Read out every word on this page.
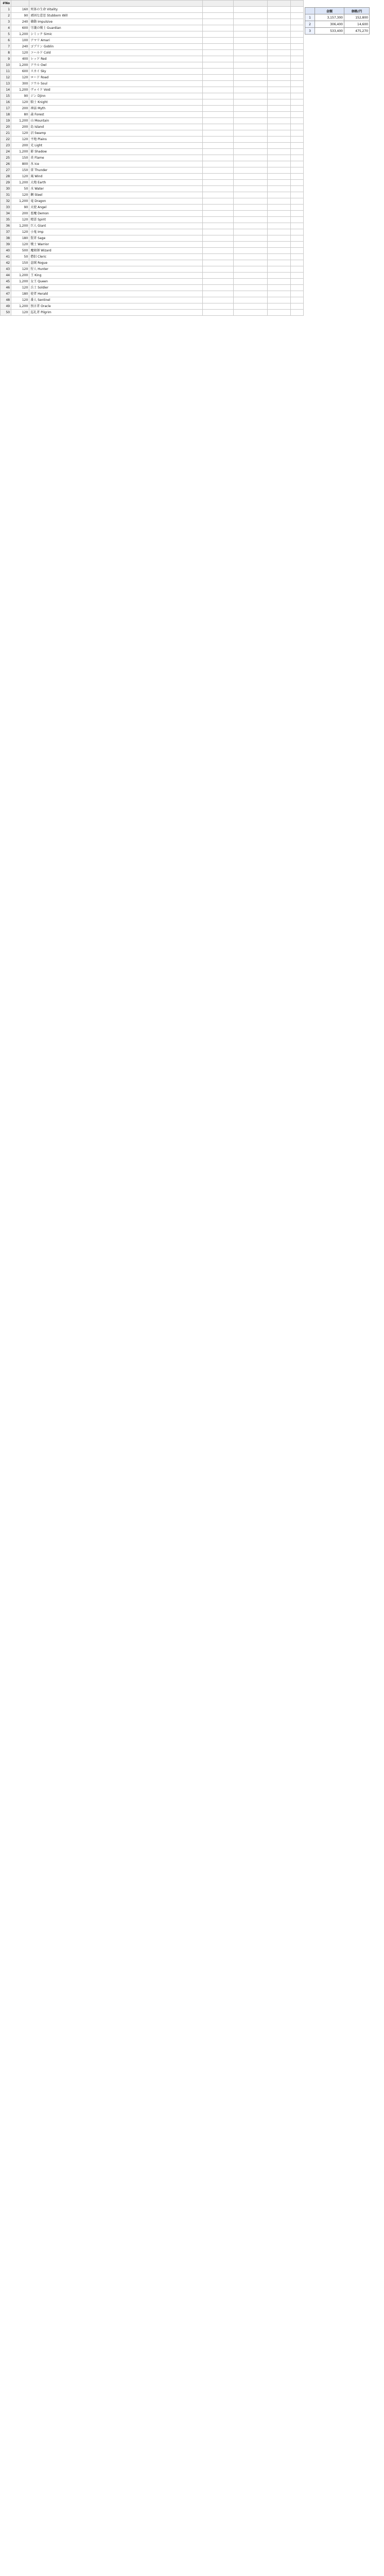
	金額	価格/円
1	3,157,300	152,800
2	306,400	14,600
3	533,400	475,270
#No						
1	160	死体の生命 Vitality				
2	90	頑固な意思 Stubborn Will				
3	240	衝動 Impulsive				
4	600	守護の戦士 Guardian				
5	1,200	シミック Simic				
6	100	アマリ Amari				
7	240	ゴブリン Goblin				
8	120	コールド Cold				
9	400	レッド Red				
10	1,200	アウル Owl				
11	600	スカイ Sky				
12	120	ロード Road				
13	300	ソウル Soul				
14	1,200	ヴォイド Void				
15	90	ジン Djinn				
16	120	騎士 Knight				
17	200	神話 Myth				
18	80	森 Forest				
19	1,200	山 Mountain				
20	200	島 Island				
21	120	沼 Swamp				
22	120	平地 Plains				
23	200	光 Light				
24	1,200	影 Shadow				
25	150	炎 Flame				
26	800	氷 Ice				
27	150	雷 Thunder				
28	120	風 Wind				
29	1,200	大地 Earth				
30	50	水 Water				
31	120	鋼 Steel				
32	1,200	竜 Dragon				
33	90	天使 Angel				
34	200	悪魔 Demon				
35	120	精霊 Spirit				
36	1,200	巨人 Giant				
37	120	小鬼 Imp				
38	180	賢者 Sage				
39	120	戦士 Warrior				
40	500	魔術師 Wizard				
41	50	僧侶 Cleric				
42	150	盗賊 Rogue				
43	120	狩人 Hunter				
44	1,200	王 King				
45	1,200	女王 Queen				
46	120	兵士 Soldier				
47	180	使者 Herald				
48	120	番人 Sentinel				
49	1,200	預言者 Oracle				
50	120	巡礼者 Pilgrim				
